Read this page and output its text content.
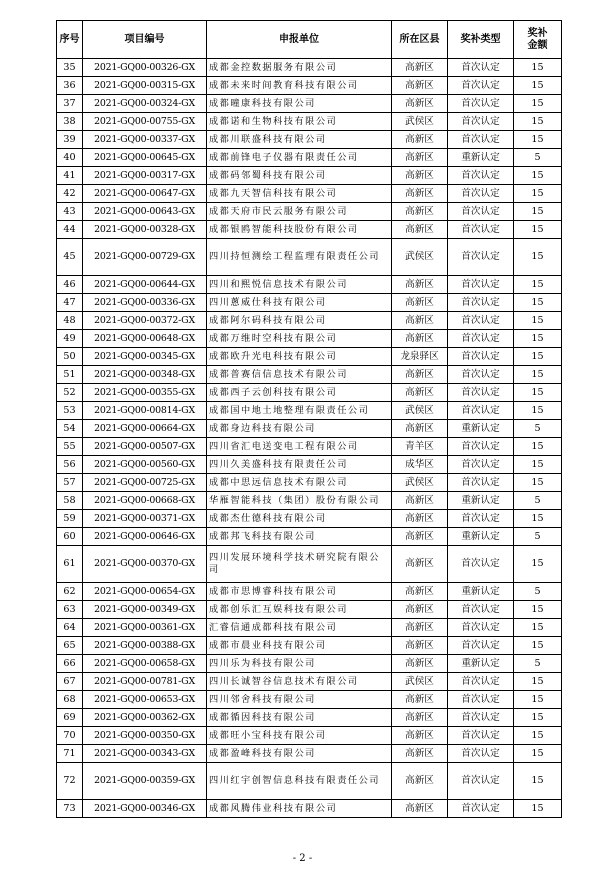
序号	项目编号	申报单位	所在区县	奖补类型	奖补
金额
35	2021-GQ00-00326-GX	成都金控数据服务有限公司	高新区	首次认定	15
36	2021-GQ00-00315-GX	成都未来时间教育科技有限公司	高新区	首次认定	15
37	2021-GQ00-00324-GX	成都曈康科技有限公司	高新区	首次认定	15
38	2021-GQ00-00755-GX	成都诺和生物科技有限公司	武侯区	首次认定	15
39	2021-GQ00-00337-GX	成都川联盛科技有限公司	高新区	首次认定	15
40	2021-GQ00-00645-GX	成都前锋电子仪器有限责任公司	高新区	重新认定	5
41	2021-GQ00-00317-GX	成都码邻蜀科技有限公司	高新区	首次认定	15
42	2021-GQ00-00647-GX	成都九天智信科技有限公司	高新区	首次认定	15
43	2021-GQ00-00643-GX	成都天府市民云服务有限公司	高新区	首次认定	15
44	2021-GQ00-00328-GX	成都银鸥智能科技股份有限公司	高新区	首次认定	15
45	2021-GQ00-00729-GX	四川持恒测绘工程监理有限责任公司	武侯区	首次认定	15
46	2021-GQ00-00644-GX	四川和熙悦信息技术有限公司	高新区	首次认定	15
47	2021-GQ00-00336-GX	四川蔥威仕科技有限公司	高新区	首次认定	15
48	2021-GQ00-00372-GX	成都阿尔码科技有限公司	高新区	首次认定	15
49	2021-GQ00-00648-GX	成都万维时空科技有限公司	高新区	首次认定	15
50	2021-GQ00-00345-GX	成都欧升光电科技有限公司	龙泉驿区	首次认定	15
51	2021-GQ00-00348-GX	成都普赛信信息技术有限公司	高新区	首次认定	15
52	2021-GQ00-00355-GX	成都西子云创科技有限公司	高新区	首次认定	15
53	2021-GQ00-00814-GX	成都国中地土地整理有限责任公司	武侯区	首次认定	15
54	2021-GQ00-00664-GX	成都身边科技有限公司	高新区	重新认定	5
55	2021-GQ00-00507-GX	四川省汇电送变电工程有限公司	青羊区	首次认定	15
56	2021-GQ00-00560-GX	四川久美盛科技有限责任公司	成华区	首次认定	15
57	2021-GQ00-00725-GX	成都中思远信息技术有限公司	武侯区	首次认定	15
58	2021-GQ00-00668-GX	华雁智能科技（集团）股份有限公司	高新区	重新认定	5
59	2021-GQ00-00371-GX	成都杰仕德科技有限公司	高新区	首次认定	15
60	2021-GQ00-00646-GX	成都邦飞科技有限公司	高新区	重新认定	5
61	2021-GQ00-00370-GX	四川发展环境科学技术研究院有限公司	高新区	首次认定	15
62	2021-GQ00-00654-GX	成都市思博睿科技有限公司	高新区	重新认定	5
63	2021-GQ00-00349-GX	成都创乐汇互娱科技有限公司	高新区	首次认定	15
64	2021-GQ00-00361-GX	汇睿信通成都科技有限公司	高新区	首次认定	15
65	2021-GQ00-00388-GX	成都市晨业科技有限公司	高新区	首次认定	15
66	2021-GQ00-00658-GX	四川乐为科技有限公司	高新区	重新认定	5
67	2021-GQ00-00781-GX	四川长诚智谷信息技术有限公司	武侯区	首次认定	15
68	2021-GQ00-00653-GX	四川邻舍科技有限公司	高新区	首次认定	15
69	2021-GQ00-00362-GX	成都循因科技有限公司	高新区	首次认定	15
70	2021-GQ00-00350-GX	成都旺小宝科技有限公司	高新区	首次认定	15
71	2021-GQ00-00343-GX	成都盈峰科技有限公司	高新区	首次认定	15
72	2021-GQ00-00359-GX	四川红宇创智信息科技有限责任公司	高新区	首次认定	15
73	2021-GQ00-00346-GX	成都风腾伟业科技有限公司	高新区	首次认定	15
- 2 -
